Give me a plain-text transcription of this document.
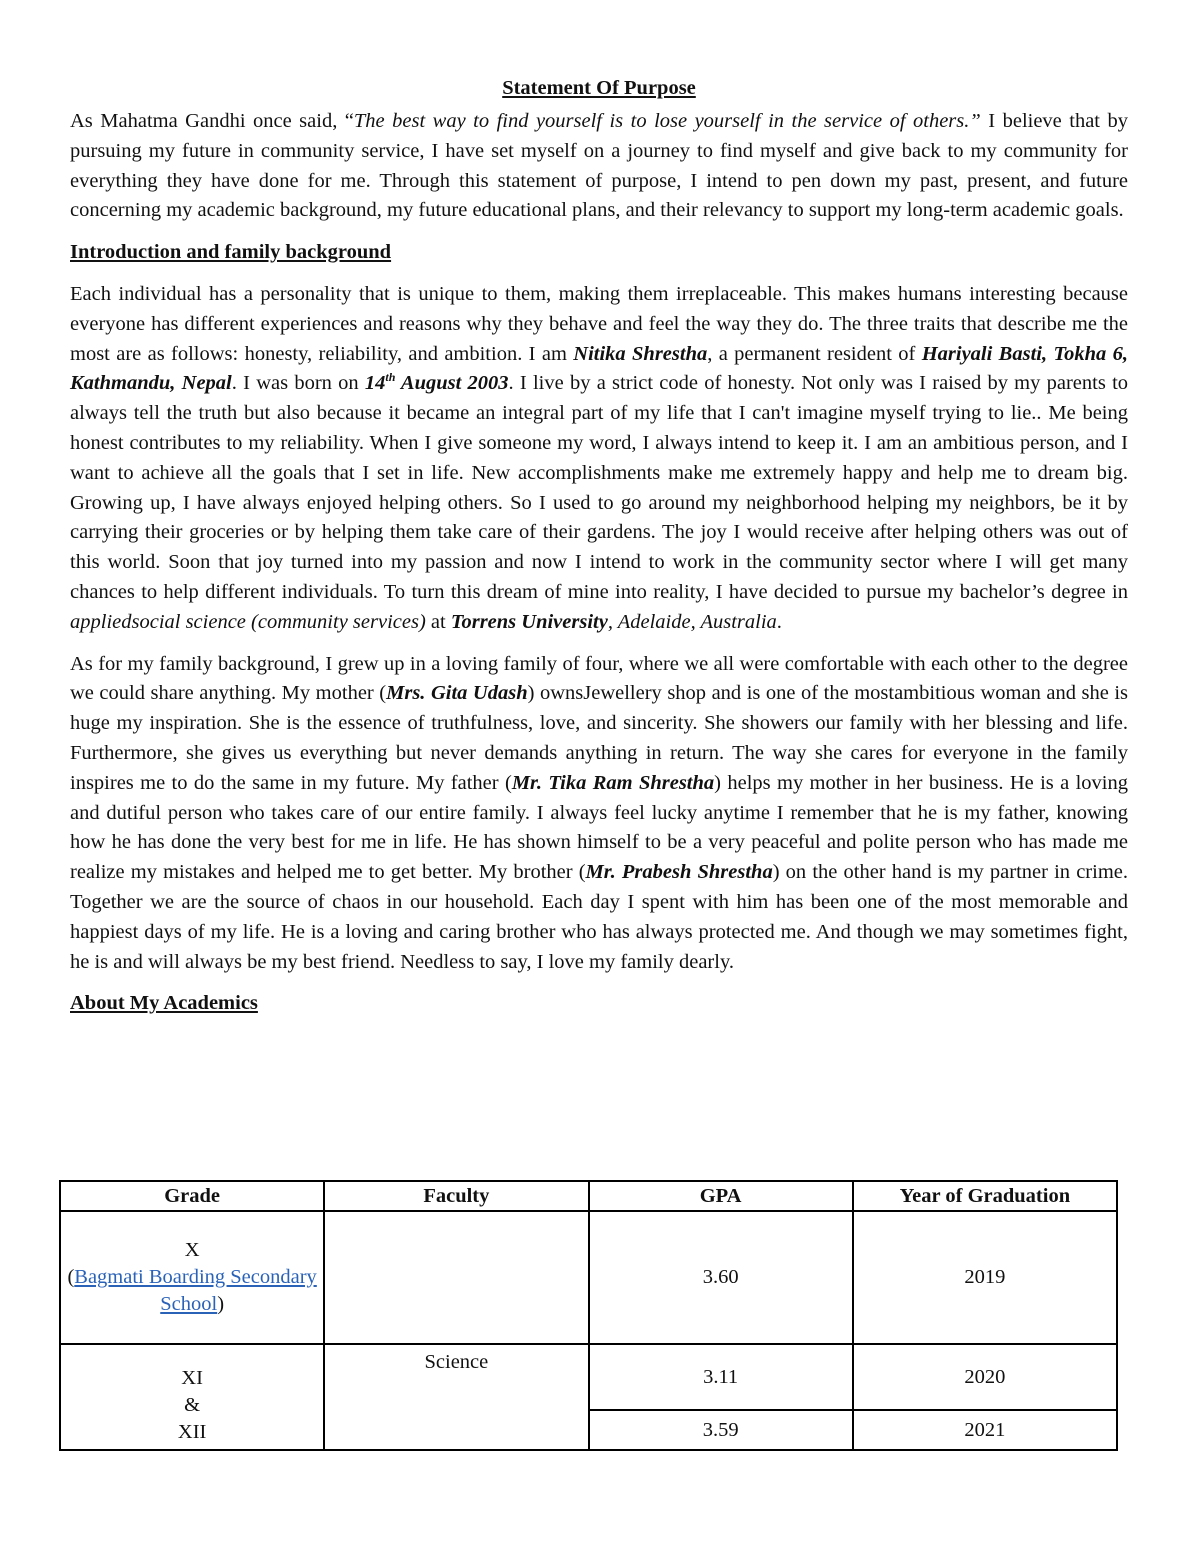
Statement Of Purpose

As Mahatma Gandhi once said, “The best way to find yourself is to lose yourself in the service of others.” I believe that by pursuing my future in community service, I have set myself on a journey to find myself and give back to my community for everything they have done for me. Through this statement of purpose, I intend to pen down my past, present, and future concerning my academic background, my future educational plans, and their relevancy to support my long-term academic goals.

Introduction and family background

Each individual has a personality that is unique to them, making them irreplaceable. This makes humans interesting because everyone has different experiences and reasons why they behave and feel the way they do. The three traits that describe me the most are as follows: honesty, reliability, and ambition. I am Nitika Shrestha, a permanent resident of Hariyali Basti, Tokha 6, Kathmandu, Nepal. I was born on 14th August 2003. I live by a strict code of honesty. Not only was I raised by my parents to always tell the truth but also because it became an integral part of my life that I can't imagine myself trying to lie.. Me being honest contributes to my reliability. When I give someone my word, I always intend to keep it. I am an ambitious person, and I want to achieve all the goals that I set in life. New accomplishments make me extremely happy and help me to dream big. Growing up, I have always enjoyed helping others. So I used to go around my neighborhood helping my neighbors, be it by carrying their groceries or by helping them take care of their gardens. The joy I would receive after helping others was out of this world. Soon that joy turned into my passion and now I intend to work in the community sector where I will get many chances to help different individuals. To turn this dream of mine into reality, I have decided to pursue my bachelor’s degree in appliedsocial science (community services) at Torrens University, Adelaide, Australia.

As for my family background, I grew up in a loving family of four, where we all were comfortable with each other to the degree we could share anything. My mother (Mrs. Gita Udash) ownsJewellery shop and is one of the mostambitious woman and she is huge my inspiration. She is the essence of truthfulness, love, and sincerity. She showers our family with her blessing and life. Furthermore, she gives us everything but never demands anything in return. The way she cares for everyone in the family inspires me to do the same in my future. My father (Mr. Tika Ram Shrestha) helps my mother in her business. He is a loving and dutiful person who takes care of our entire family. I always feel lucky anytime I remember that he is my father, knowing how he has done the very best for me in life. He has shown himself to be a very peaceful and polite person who has made me realize my mistakes and helped me to get better. My brother (Mr. Prabesh Shrestha) on the other hand is my partner in crime. Together we are the source of chaos in our household. Each day I spent with him has been one of the most memorable and happiest days of my life. He is a loving and caring brother who has always protected me. And though we may sometimes fight, he is and will always be my best friend. Needless to say, I love my family dearly.

About My Academics
Grade	Faculty	GPA	Year of Graduation

X
(Bagmati Boarding Secondary School)		3.60	2019

XI
&
XII	Science	3.11	2020
		3.59	2021
